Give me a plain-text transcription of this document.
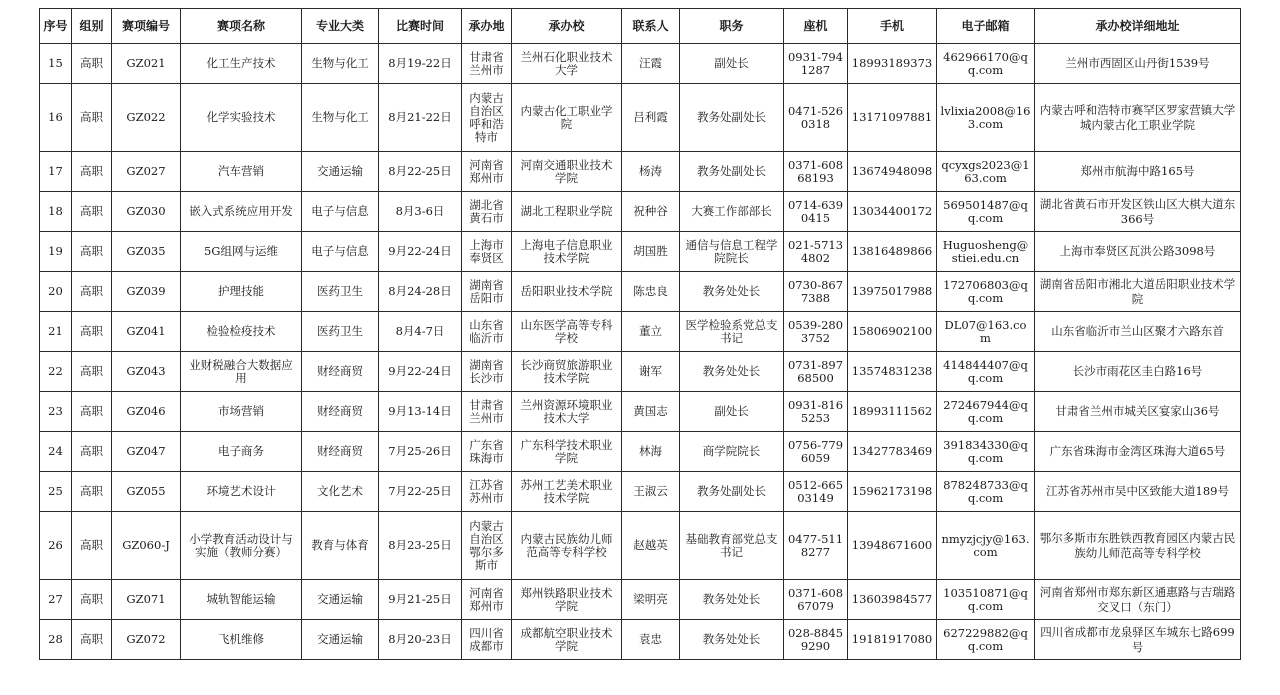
序号	组别	赛项编号	赛项名称	专业大类	比赛时间	承办地	承办校	联系人	职务	座机	手机	电子邮箱	承办校详细地址
15	高职	GZ021	化工生产技术	生物与化工	8月19-22日	甘肃省兰州市	兰州石化职业技术大学	汪霞	副处长	0931-7941287	18993189373	462966170@qq.com	兰州市西固区山丹街1539号
16	高职	GZ022	化学实验技术	生物与化工	8月21-22日	内蒙古自治区呼和浩特市	内蒙古化工职业学院	吕利霞	教务处副处长	0471-5260318	13171097881	lvlixia2008@163.com	内蒙古呼和浩特市赛罕区罗家营镇大学城内蒙古化工职业学院
17	高职	GZ027	汽车营销	交通运输	8月22-25日	河南省郑州市	河南交通职业技术学院	杨涛	教务处副处长	0371-60868193	13674948098	qcyxgs2023@163.com	郑州市航海中路165号
18	高职	GZ030	嵌入式系统应用开发	电子与信息	8月3-6日	湖北省黄石市	湖北工程职业学院	祝种谷	大赛工作部部长	0714-6390415	13034400172	569501487@qq.com	湖北省黄石市开发区铁山区大棋大道东366号
19	高职	GZ035	5G组网与运维	电子与信息	9月22-24日	上海市奉贤区	上海电子信息职业技术学院	胡国胜	通信与信息工程学院院长	021-57134802	13816489866	Huguosheng@stiei.edu.cn	上海市奉贤区瓦洪公路3098号
20	高职	GZ039	护理技能	医药卫生	8月24-28日	湖南省岳阳市	岳阳职业技术学院	陈忠良	教务处处长	0730-8677388	13975017988	172706803@qq.com	湖南省岳阳市湘北大道岳阳职业技术学院
21	高职	GZ041	检验检疫技术	医药卫生	8月4-7日	山东省临沂市	山东医学高等专科学校	董立	医学检验系党总支书记	0539-2803752	15806902100	DL07@163.com	山东省临沂市兰山区聚才六路东首
22	高职	GZ043	业财税融合大数据应用	财经商贸	9月22-24日	湖南省长沙市	长沙商贸旅游职业技术学院	谢军	教务处处长	0731-89768500	13574831238	414844407@qq.com	长沙市雨花区圭白路16号
23	高职	GZ046	市场营销	财经商贸	9月13-14日	甘肃省兰州市	兰州资源环境职业技术大学	黄国志	副处长	0931-8165253	18993111562	272467944@qq.com	甘肃省兰州市城关区宴家山36号
24	高职	GZ047	电子商务	财经商贸	7月25-26日	广东省珠海市	广东科学技术职业学院	林海	商学院院长	0756-7796059	13427783469	391834330@qq.com	广东省珠海市金湾区珠海大道65号
25	高职	GZ055	环境艺术设计	文化艺术	7月22-25日	江苏省苏州市	苏州工艺美术职业技术学院	王淑云	教务处副处长	0512-66503149	15962173198	878248733@qq.com	江苏省苏州市吴中区致能大道189号
26	高职	GZ060-J	小学教育活动设计与实施（教师分赛）	教育与体育	8月23-25日	内蒙古自治区鄂尔多斯市	内蒙古民族幼儿师范高等专科学校	赵越英	基础教育部党总支书记	0477-5118277	13948671600	nmyzjcjy@163.com	鄂尔多斯市东胜铁西教育园区内蒙古民族幼儿师范高等专科学校
27	高职	GZ071	城轨智能运输	交通运输	9月21-25日	河南省郑州市	郑州铁路职业技术学院	梁明亮	教务处处长	0371-60867079	13603984577	103510871@qq.com	河南省郑州市郑东新区通惠路与吉瑞路交叉口（东门）
28	高职	GZ072	飞机维修	交通运输	8月20-23日	四川省成都市	成都航空职业技术学院	袁忠	教务处处长	028-88459290	19181917080	627229882@qq.com	四川省成都市龙泉驿区车城东七路699号
